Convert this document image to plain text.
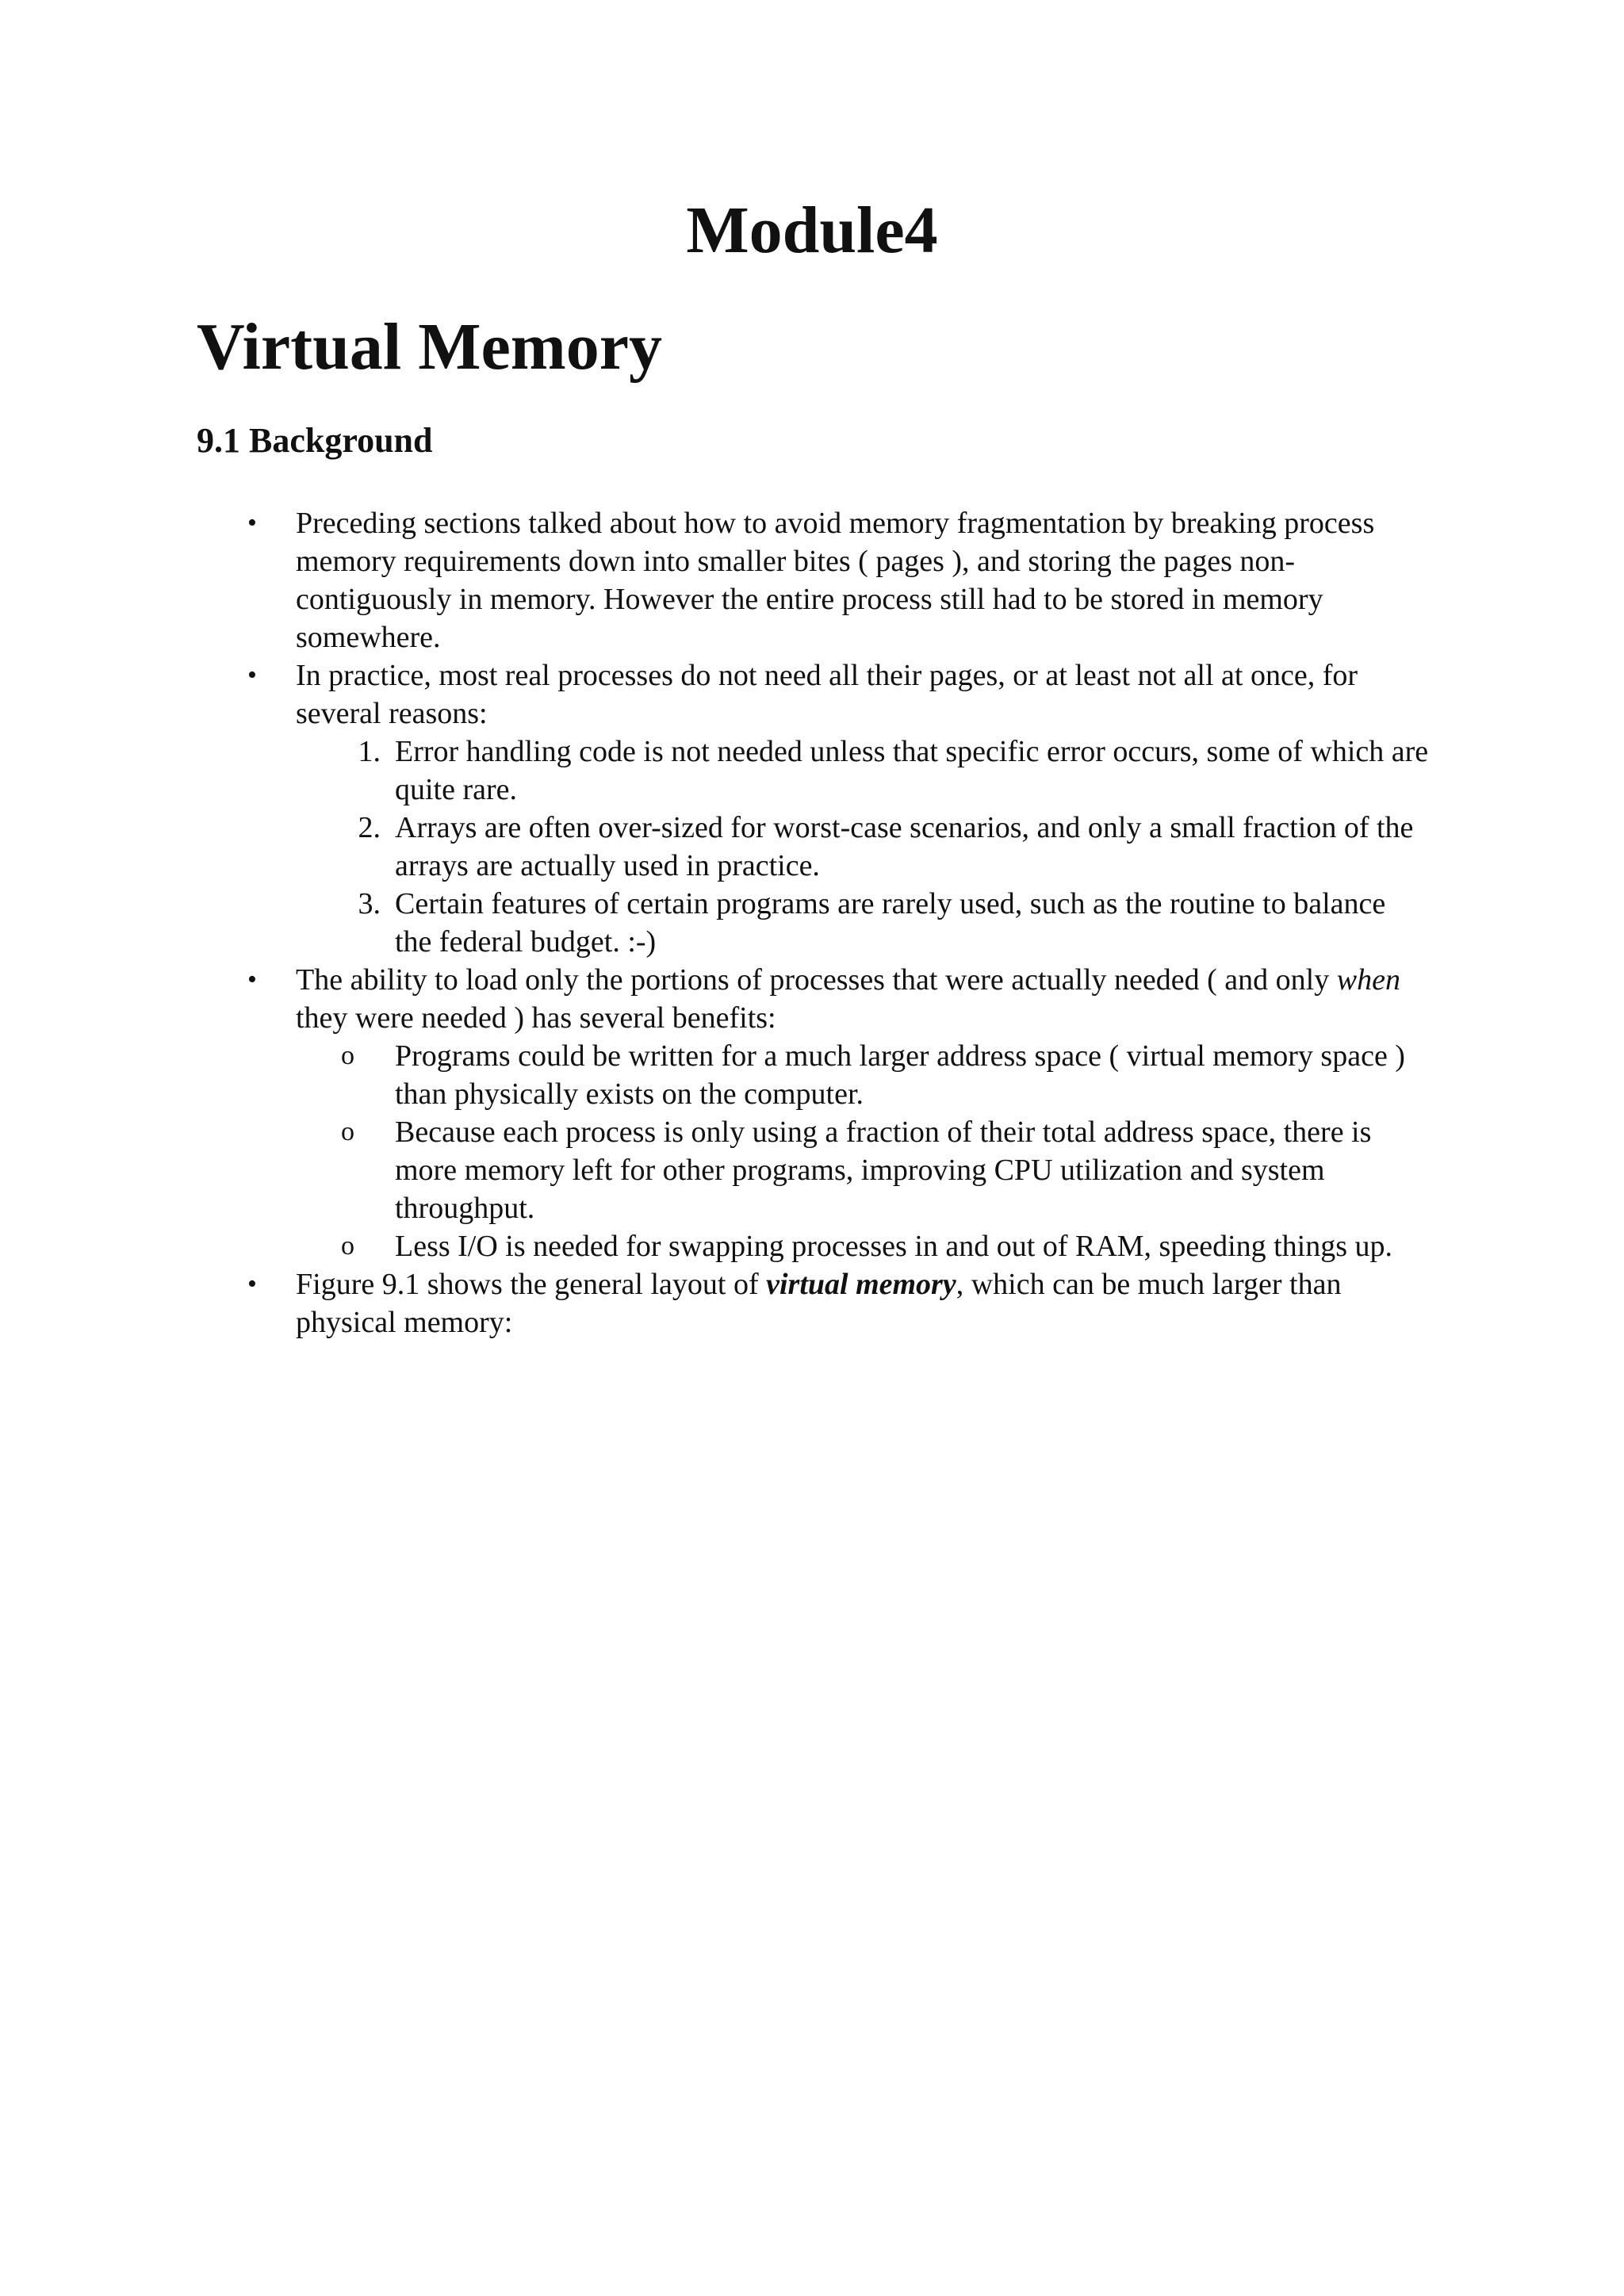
Module4
Virtual Memory
9.1 Background
• Preceding sections talked about how to avoid memory fragmentation by breaking process memory requirements down into smaller bites ( pages ), and storing the pages non-contiguously in memory. However the entire process still had to be stored in memory somewhere.
• In practice, most real processes do not need all their pages, or at least not all at once, for several reasons:
1. Error handling code is not needed unless that specific error occurs, some of which are quite rare.
2. Arrays are often over-sized for worst-case scenarios, and only a small fraction of the arrays are actually used in practice.
3. Certain features of certain programs are rarely used, such as the routine to balance the federal budget. :-)
• The ability to load only the portions of processes that were actually needed ( and only when they were needed ) has several benefits:
o Programs could be written for a much larger address space ( virtual memory space ) than physically exists on the computer.
o Because each process is only using a fraction of their total address space, there is more memory left for other programs, improving CPU utilization and system throughput.
o Less I/O is needed for swapping processes in and out of RAM, speeding things up.
• Figure 9.1 shows the general layout of virtual memory, which can be much larger than physical memory:
